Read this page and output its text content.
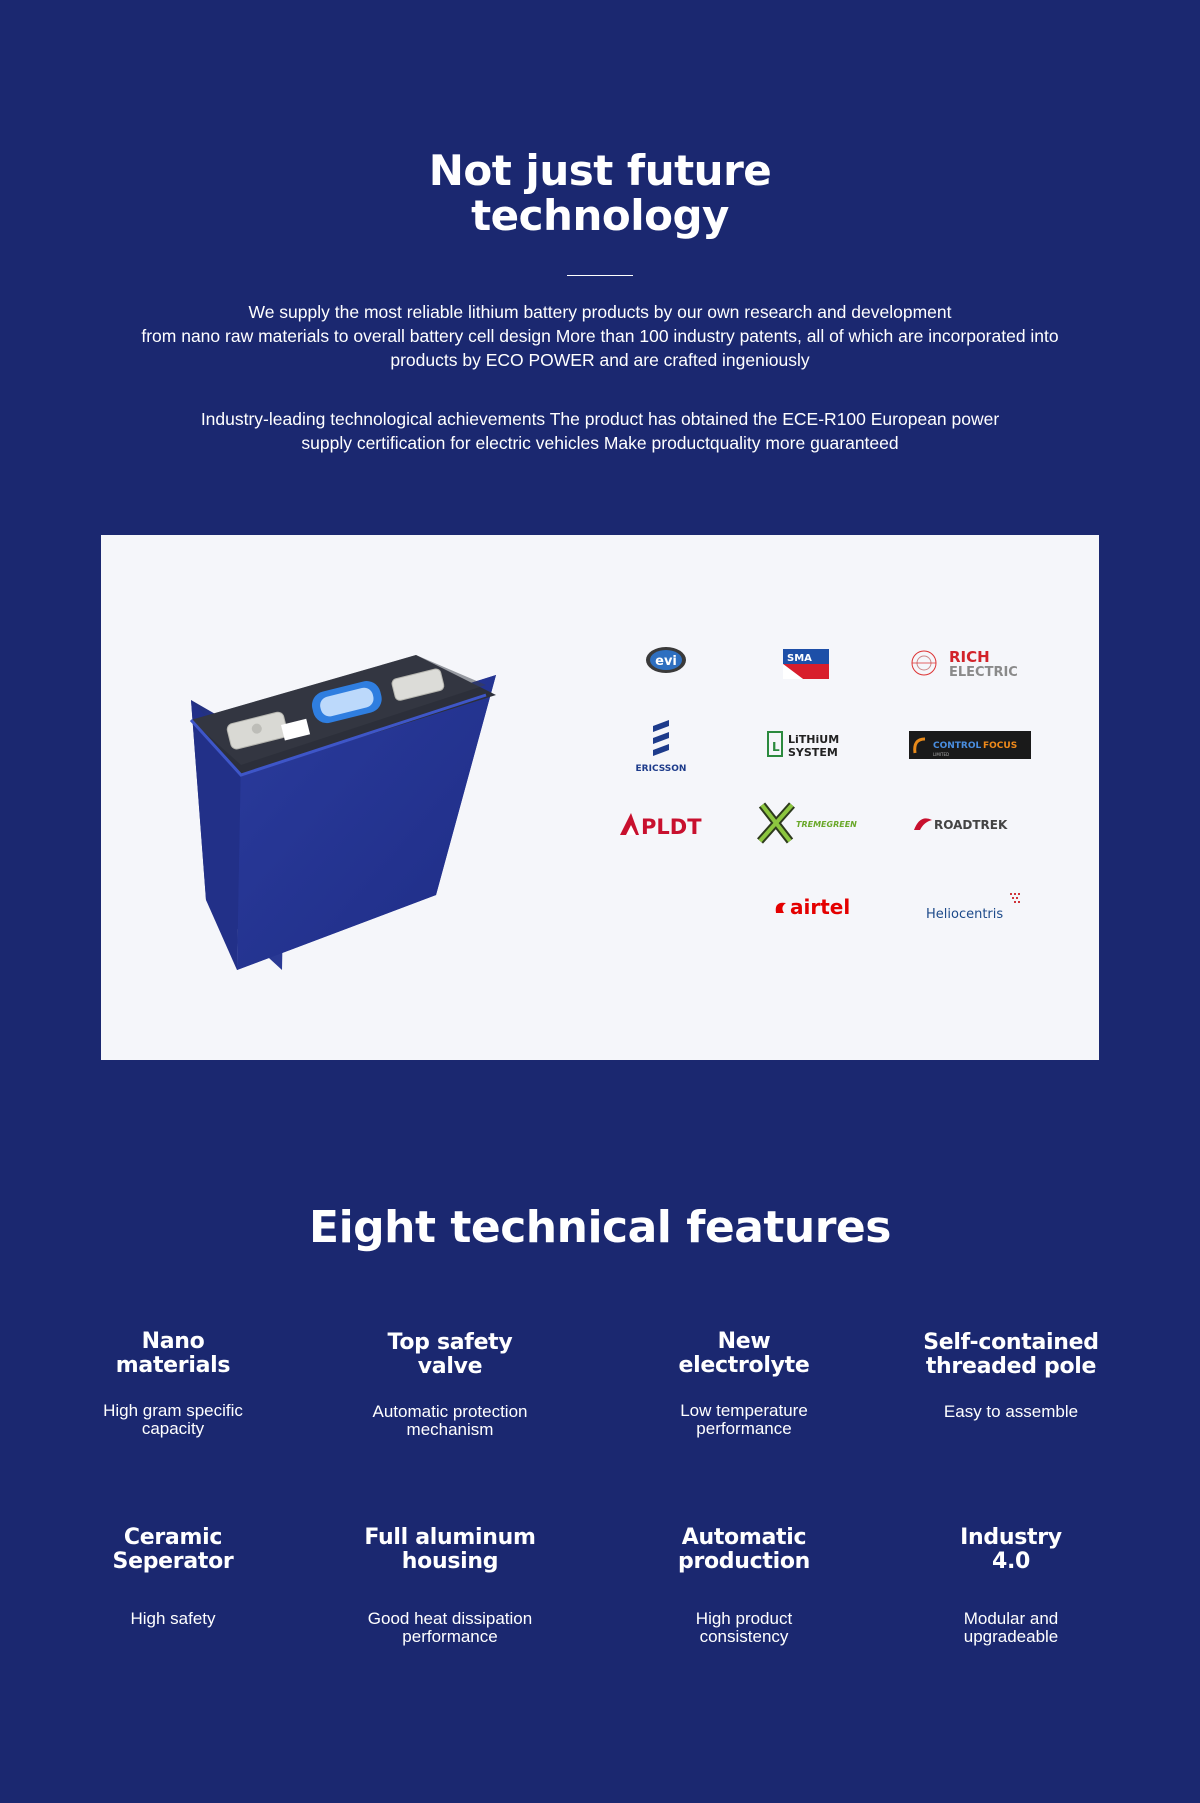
Not just future
technology

We supply the most reliable lithium battery products by our own research and development
from nano raw materials to overall battery cell design More than 100 industry patents, all of which are incorporated into
products by ECO POWER and are crafted ingeniously

Industry-leading technological achievements The product has obtained the ECE-R100 European power
supply certification for electric vehicles Make productquality more guaranteed

evi	SMA	RICH
ELECTRIC
ERICSSON
L
LiTHiUM
SYSTEM	CONTROL FOCUS
LIMITED
PLDT	TREMEGREEN	ROADTREK
airtel	Heliocentris
Eight technical features
Nano
materials
High gram specific
capacity
Top safety
valve
Automatic protection
mechanism
New
electrolyte
Low temperature
performance
Self-contained
threaded pole
Easy to assemble
Ceramic
Seperator
High safety
Full aluminum
housing
Good heat dissipation
performance
Automatic
production
High product
consistency
Industry
4.0
Modular and
upgradeable
